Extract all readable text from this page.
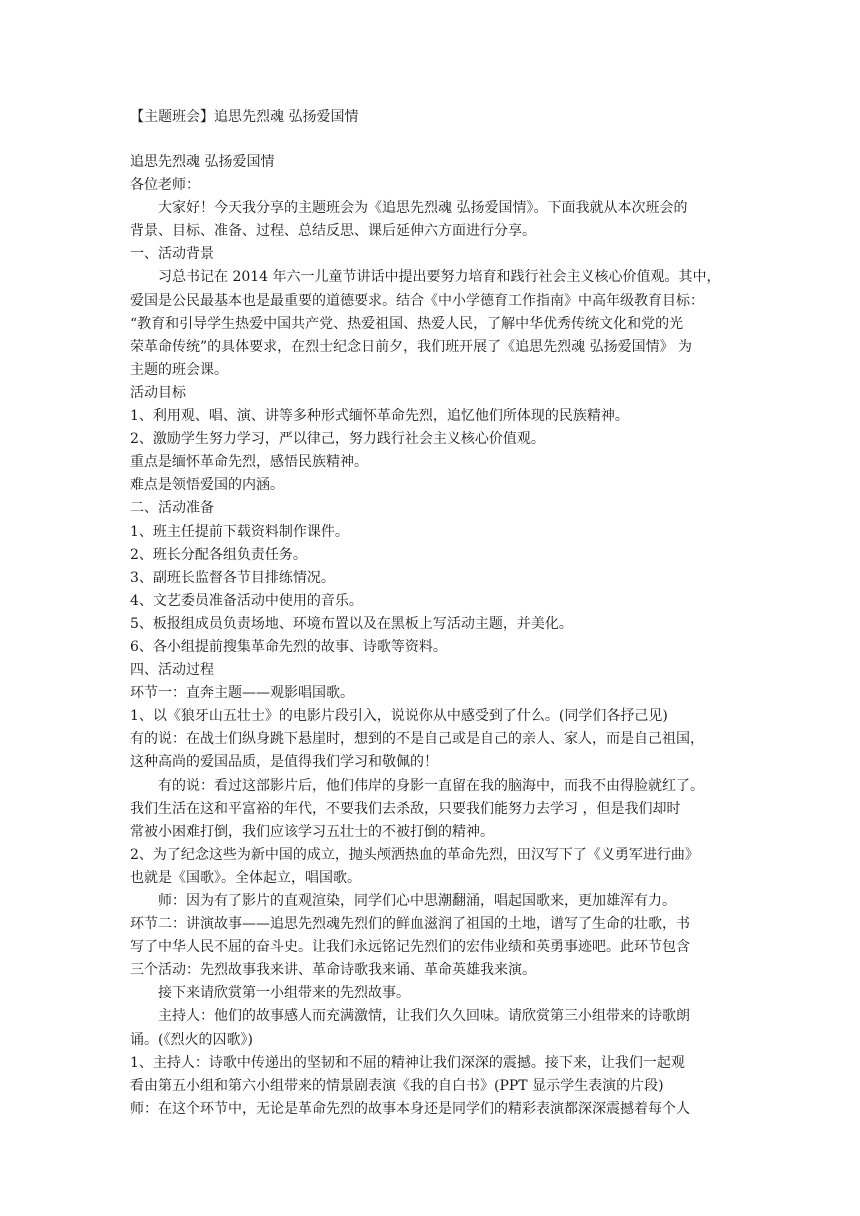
【主题班会】追思先烈魂 弘扬爱国情

追思先烈魂 弘扬爱国情

各位老师：

大家好！今天我分享的主题班会为《追思先烈魂 弘扬爱国情》。下面我就从本次班会的

背景、目标、准备、过程、总结反思、课后延伸六方面进行分享。

一、活动背景

习总书记在 2014 年六一儿童节讲话中提出要努力培育和践行社会主义核心价值观。其中，

爱国是公民最基本也是最重要的道德要求。结合《中小学德育工作指南》中高年级教育目标：

“教育和引导学生热爱中国共产党、热爱祖国、热爱人民，了解中华优秀传统文化和党的光

荣革命传统”的具体要求，在烈士纪念日前夕，我们班开展了《追思先烈魂 弘扬爱国情》 为

主题的班会课。

活动目标

1、利用观、唱、演、讲等多种形式缅怀革命先烈，追忆他们所体现的民族精神。

2、激励学生努力学习，严以律己，努力践行社会主义核心价值观。

重点是缅怀革命先烈，感悟民族精神。

难点是领悟爱国的内涵。

二、活动准备

1、班主任提前下载资料制作课件。

2、班长分配各组负责任务。

3、副班长监督各节目排练情况。

4、文艺委员准备活动中使用的音乐。

5、板报组成员负责场地、环境布置以及在黑板上写活动主题，并美化。

6、各小组提前搜集革命先烈的故事、诗歌等资料。

四、活动过程

环节一：直奔主题——观影唱国歌。

1、以《狼牙山五壮士》的电影片段引入，说说你从中感受到了什么。(同学们各抒己见)

有的说：在战士们纵身跳下悬崖时，想到的不是自己或是自己的亲人、家人，而是自己祖国，

这种高尚的爱国品质，是值得我们学习和敬佩的！

有的说：看过这部影片后，他们伟岸的身影一直留在我的脑海中，而我不由得脸就红了。

我们生活在这和平富裕的年代，不要我们去杀敌，只要我们能努力去学习 ，但是我们却时

常被小困难打倒，我们应该学习五壮士的不被打倒的精神。

2、为了纪念这些为新中国的成立，抛头颅洒热血的革命先烈，田汉写下了《义勇军进行曲》

也就是《国歌》。全体起立，唱国歌。

师：因为有了影片的直观渲染，同学们心中思潮翻涌，唱起国歌来，更加雄浑有力。

环节二：讲演故事——追思先烈魂先烈们的鲜血滋润了祖国的土地，谱写了生命的壮歌，书

写了中华人民不屈的奋斗史。让我们永远铭记先烈们的宏伟业绩和英勇事迹吧。此环节包含

三个活动：先烈故事我来讲、革命诗歌我来诵、革命英雄我来演。

接下来请欣赏第一小组带来的先烈故事。

主持人：他们的故事感人而充满激情，让我们久久回味。请欣赏第三小组带来的诗歌朗

诵。(《烈火的囚歌》)

1、主持人：诗歌中传递出的坚韧和不屈的精神让我们深深的震撼。接下来，让我们一起观

看由第五小组和第六小组带来的情景剧表演《我的自白书》(PPT 显示学生表演的片段)

师：在这个环节中，无论是革命先烈的故事本身还是同学们的精彩表演都深深震撼着每个人
